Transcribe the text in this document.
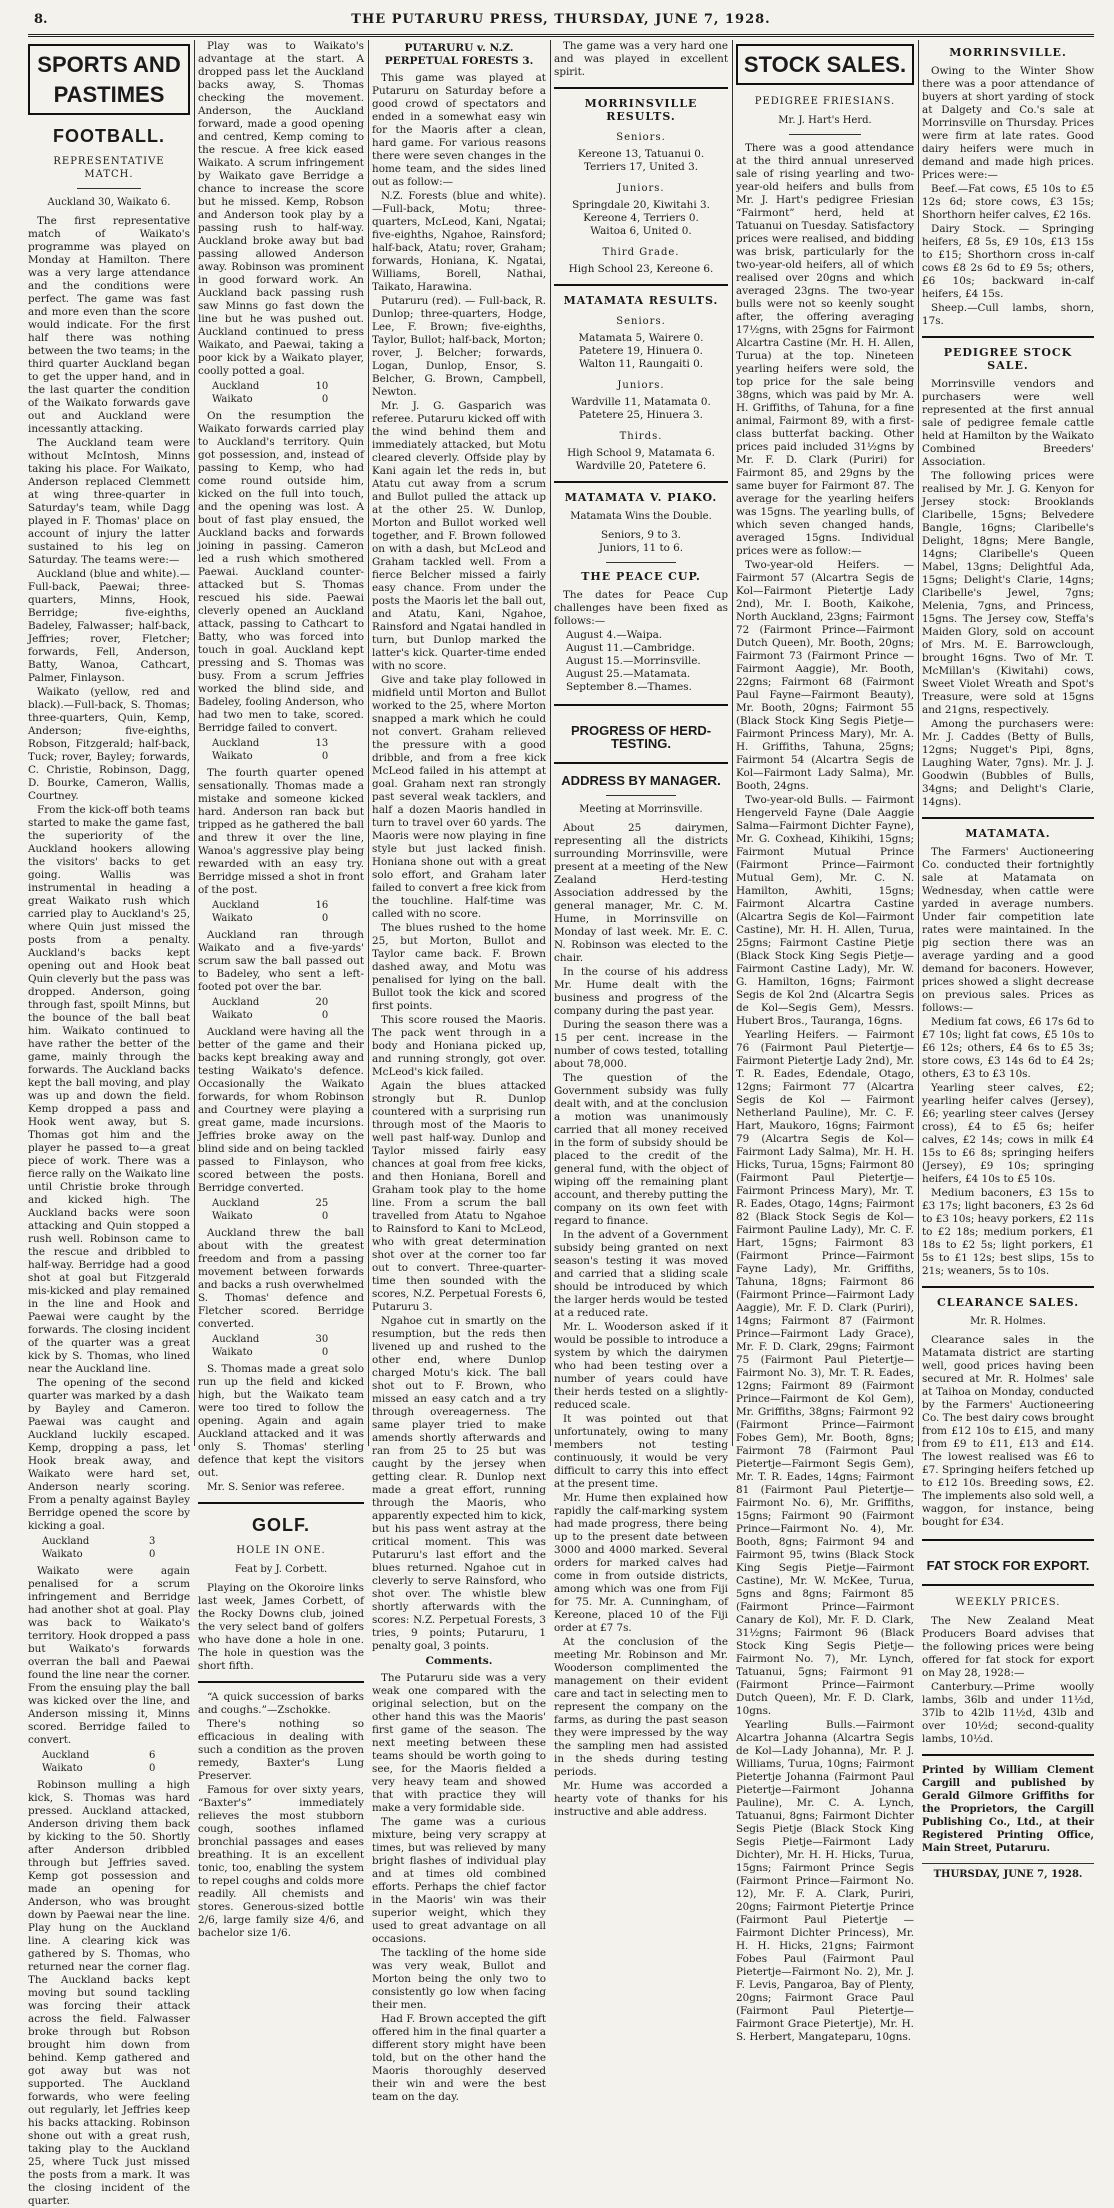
8.	THE PUTARURU PRESS, THURSDAY, JUNE 7, 1928.
SPORTS AND PASTIMES
FOOTBALL.
REPRESENTATIVE MATCH.
Auckland 30, Waikato 6.

The first representative match of Waikato's programme was played on Monday at Hamilton. There was a very large attendance and the conditions were perfect. The game was fast and more even than the score would indicate. For the first half there was nothing between the two teams; in the third quarter Auckland began to get the upper hand, and in the last quarter the condition of the Waikato forwards gave out and Auckland were incessantly attacking.

The Auckland team were without McIntosh, Minns taking his place. For Waikato, Anderson replaced Clemmett at wing three-quarter in Saturday's team, while Dagg played in F. Thomas' place on account of injury the latter sustained to his leg on Saturday. The teams were:—

Auckland (blue and white).—Full-back, Paewai; three-quarters, Minns, Hook, Berridge; five-eighths, Badeley, Falwasser; half-back, Jeffries; rover, Fletcher; forwards, Fell, Anderson, Batty, Wanoa, Cathcart, Palmer, Finlayson.

Waikato (yellow, red and black).—Full-back, S. Thomas; three-quarters, Quin, Kemp, Anderson; five-eighths, Robson, Fitzgerald; half-back, Tuck; rover, Bayley; forwards, C. Christie, Robinson, Dagg, D. Bourke, Cameron, Wallis, Courtney.

From the kick-off both teams started to make the game fast, the superiority of the Auckland hookers allowing the visitors' backs to get going. Wallis was instrumental in heading a great Waikato rush which carried play to Auckland's 25, where Quin just missed the posts from a penalty. Auckland's backs kept opening out and Hook beat Quin cleverly but the pass was dropped. Anderson, going through fast, spoilt Minns, but the bounce of the ball beat him. Waikato continued to have rather the better of the game, mainly through the forwards. The Auckland backs kept the ball moving, and play was up and down the field. Kemp dropped a pass and Hook went away, but S. Thomas got him and the player he passed to—a great piece of work. There was a fierce rally on the Waikato line until Christie broke through and kicked high. The Auckland backs were soon attacking and Quin stopped a rush well. Robinson came to the rescue and dribbled to half-way. Berridge had a good shot at goal but Fitzgerald mis-kicked and play remained in the line and Hook and Paewai were caught by the forwards. The closing incident of the quarter was a great kick by S. Thomas, who lined near the Auckland line.

The opening of the second quarter was marked by a dash by Bayley and Cameron. Paewai was caught and Auckland luckily escaped. Kemp, dropping a pass, let Hook break away, and Waikato were hard set, Anderson nearly scoring. From a penalty against Bayley Berridge opened the score by kicking a goal.

Auckland	3
Waikato	0

Waikato were again penalised for a scrum infringement and Berridge had another shot at goal. Play was back to Waikato's territory. Hook dropped a pass but Waikato's forwards overran the ball and Paewai found the line near the corner. From the ensuing play the ball was kicked over the line, and Anderson missing it, Minns scored. Berridge failed to convert.

Auckland	6
Waikato	0

Robinson mulling a high kick, S. Thomas was hard pressed. Auckland attacked, Anderson driving them back by kicking to the 50. Shortly after Anderson dribbled through but Jeffries saved. Kemp got possession and made an opening for Anderson, who was brought down by Paewai near the line. Play hung on the Auckland line. A clearing kick was gathered by S. Thomas, who returned near the corner flag. The Auckland backs kept moving but sound tackling was forcing their attack across the field. Falwasser broke through but Robson brought him down from behind. Kemp gathered and got away but was not supported. The Auckland forwards, who were feeling out regularly, let Jeffries keep his backs attacking. Robinson shone out with a great rush, taking play to the Auckland 25, where Tuck just missed the posts from a mark. It was the closing incident of the quarter.

Play was to Waikato's advantage at the start. A dropped pass let the Auckland backs away, S. Thomas checking the movement. Anderson, the Auckland forward, made a good opening and centred, Kemp coming to the rescue. A free kick eased Waikato. A scrum infringement by Waikato gave Berridge a chance to increase the score but he missed. Kemp, Robson and Anderson took play by a passing rush to half-way. Auckland broke away but bad passing allowed Anderson away. Robinson was prominent in good forward work. An Auckland back passing rush saw Minns go fast down the line but he was pushed out. Auckland continued to press Waikato, and Paewai, taking a poor kick by a Waikato player, coolly potted a goal.

Auckland	10
Waikato	0

On the resumption the Waikato forwards carried play to Auckland's territory. Quin got possession, and, instead of passing to Kemp, who had come round outside him, kicked on the full into touch, and the opening was lost. A bout of fast play ensued, the Auckland backs and forwards joining in passing. Cameron led a rush which smothered Paewai. Auckland counter-attacked but S. Thomas rescued his side. Paewai cleverly opened an Auckland attack, passing to Cathcart to Batty, who was forced into touch in goal. Auckland kept pressing and S. Thomas was busy. From a scrum Jeffries worked the blind side, and Badeley, fooling Anderson, who had two men to take, scored. Berridge failed to convert.

Auckland	13
Waikato	0

The fourth quarter opened sensationally. Thomas made a mistake and someone kicked hard. Anderson ran back but tripped as he gathered the ball and threw it over the line, Wanoa's aggressive play being rewarded with an easy try. Berridge missed a shot in front of the post.

Auckland	16
Waikato	0

Auckland ran through Waikato and a five-yards' scrum saw the ball passed out to Badeley, who sent a left-footed pot over the bar.

Auckland	20
Waikato	0

Auckland were having all the better of the game and their backs kept breaking away and testing Waikato's defence. Occasionally the Waikato forwards, for whom Robinson and Courtney were playing a great game, made incursions. Jeffries broke away on the blind side and on being tackled passed to Finlayson, who scored between the posts. Berridge converted.

Auckland	25
Waikato	0

Auckland threw the ball about with the greatest freedom and from a passing movement between forwards and backs a rush overwhelmed S. Thomas' defence and Fletcher scored. Berridge converted.

Auckland	30
Waikato	0

S. Thomas made a great solo run up the field and kicked high, but the Waikato team were too tired to follow the opening. Again and again Auckland attacked and it was only S. Thomas' sterling defence that kept the visitors out.

Mr. S. Senior was referee.

GOLF.
HOLE IN ONE.
Feat by J. Corbett.

Playing on the Okoroire links last week, James Corbett, of the Rocky Downs club, joined the very select band of golfers who have done a hole in one. The hole in question was the short fifth.

“A quick succession of barks and coughs.”—Zschokke.

There's nothing so efficacious in dealing with such a condition as the proven remedy, Baxter's Lung Preserver.

Famous for over sixty years, “Baxter's” immediately relieves the most stubborn cough, soothes inflamed bronchial passages and eases breathing. It is an excellent tonic, too, enabling the system to repel coughs and colds more readily. All chemists and stores. Generous-sized bottle 2/6, large family size 4/6, and bachelor size 1/6.

PUTARURU v. N.Z. PERPETUAL FORESTS 3.

This game was played at Putaruru on Saturday before a good crowd of spectators and ended in a somewhat easy win for the Maoris after a clean, hard game. For various reasons there were seven changes in the home team, and the sides lined out as follow:—

N.Z. Forests (blue and white).—Full-back, Motu; three-quarters, McLeod, Kani, Ngatai; five-eighths, Ngahoe, Rainsford; half-back, Atatu; rover, Graham; forwards, Honiana, K. Ngatai, Williams, Borell, Nathai, Taikato, Harawina.

Putaruru (red). — Full-back, R. Dunlop; three-quarters, Hodge, Lee, F. Brown; five-eighths, Taylor, Bullot; half-back, Morton; rover, J. Belcher; forwards, Logan, Dunlop, Ensor, S. Belcher, G. Brown, Campbell, Newton.

Mr. J. G. Gasparich was referee. Putaruru kicked off with the wind behind them and immediately attacked, but Motu cleared cleverly. Offside play by Kani again let the reds in, but Atatu cut away from a scrum and Bullot pulled the attack up at the other 25. W. Dunlop, Morton and Bullot worked well together, and F. Brown followed on with a dash, but McLeod and Graham tackled well. From a fierce Belcher missed a fairly easy chance. From under the posts the Maoris let the ball out, and Atatu, Kani, Ngahoe, Rainsford and Ngatai handled in turn, but Dunlop marked the latter's kick. Quarter-time ended with no score.

Give and take play followed in midfield until Morton and Bullot worked to the 25, where Morton snapped a mark which he could not convert. Graham relieved the pressure with a good dribble, and from a free kick McLeod failed in his attempt at goal. Graham next ran strongly past several weak tacklers, and half a dozen Maoris handled in turn to travel over 60 yards. The Maoris were now playing in fine style but just lacked finish. Honiana shone out with a great solo effort, and Graham later failed to convert a free kick from the touchline. Half-time was called with no score.

The blues rushed to the home 25, but Morton, Bullot and Taylor came back. F. Brown dashed away, and Motu was penalised for lying on the ball. Bullot took the kick and scored first points.

This score roused the Maoris. The pack went through in a body and Honiana picked up, and running strongly, got over. McLeod's kick failed.

Again the blues attacked strongly but R. Dunlop countered with a surprising run through most of the Maoris to well past half-way. Dunlop and Taylor missed fairly easy chances at goal from free kicks, and then Honiana, Borell and Graham took play to the home line. From a scrum the ball travelled from Atatu to Ngahoe to Rainsford to Kani to McLeod, who with great determination shot over at the corner too far out to convert. Three-quarter-time then sounded with the scores, N.Z. Perpetual Forests 6, Putaruru 3.

Ngahoe cut in smartly on the resumption, but the reds then livened up and rushed to the other end, where Dunlop charged Motu's kick. The ball shot out to F. Brown, who missed an easy catch and a try through overeagerness. The same player tried to make amends shortly afterwards and ran from 25 to 25 but was caught by the jersey when getting clear. R. Dunlop next made a great effort, running through the Maoris, who apparently expected him to kick, but his pass went astray at the critical moment. This was Putaruru's last effort and the blues returned. Ngahoe cut in cleverly to serve Rainsford, who shot over. The whistle blew shortly afterwards with the scores: N.Z. Perpetual Forests, 3 tries, 9 points; Putaruru, 1 penalty goal, 3 points.

Comments.

The Putaruru side was a very weak one compared with the original selection, but on the other hand this was the Maoris' first game of the season. The next meeting between these teams should be worth going to see, for the Maoris fielded a very heavy team and showed that with practice they will make a very formidable side.

The game was a curious mixture, being very scrappy at times, but was relieved by many bright flashes of individual play and at times old combined efforts. Perhaps the chief factor in the Maoris' win was their superior weight, which they used to great advantage on all occasions.

The tackling of the home side was very weak, Bullot and Morton being the only two to consistently go low when facing their men.

Had F. Brown accepted the gift offered him in the final quarter a different story might have been told, but on the other hand the Maoris thoroughly deserved their win and were the best team on the day.

The game was a very hard one and was played in excellent spirit.

MORRINSVILLE RESULTS.

Seniors.

Kereone 13, Tatuanui 0.

Terriers 17, United 3.

Juniors.

Springdale 20, Kiwitahi 3.

Kereone 4, Terriers 0.

Waitoa 6, United 0.

Third Grade.

High School 23, Kereone 6.

MATAMATA RESULTS.

Seniors.

Matamata 5, Wairere 0.

Patetere 19, Hinuera 0.

Walton 11, Raungaiti 0.

Juniors.

Wardville 11, Matamata 0.

Patetere 25, Hinuera 3.

Thirds.

High School 9, Matamata 6.

Wardville 20, Patetere 6.

MATAMATA V. PIAKO.
Matamata Wins the Double.

Seniors, 9 to 3.

Juniors, 11 to 6.

THE PEACE CUP.

The dates for Peace Cup challenges have been fixed as follows:—

August 4.—Waipa.

August 11.—Cambridge.

August 15.—Morrinsville.

August 25.—Matamata.

September 8.—Thames.

PROGRESS OF HERD-TESTING.
ADDRESS BY MANAGER.
Meeting at Morrinsville.

About 25 dairymen, representing all the districts surrounding Morrinsville, were present at a meeting of the New Zealand Herd-testing Association addressed by the general manager, Mr. C. M. Hume, in Morrinsville on Monday of last week. Mr. E. C. N. Robinson was elected to the chair.

In the course of his address Mr. Hume dealt with the business and progress of the company during the past year.

During the season there was a 15 per cent. increase in the number of cows tested, totalling about 78,000.

The question of the Government subsidy was fully dealt with, and at the conclusion a motion was unanimously carried that all money received in the form of subsidy should be placed to the credit of the general fund, with the object of wiping off the remaining plant account, and thereby putting the company on its own feet with regard to finance.

In the advent of a Government subsidy being granted on next season's testing it was moved and carried that a sliding scale should be introduced by which the larger herds would be tested at a reduced rate.

Mr. L. Wooderson asked if it would be possible to introduce a system by which the dairymen who had been testing over a number of years could have their herds tested on a slightly-reduced scale.

It was pointed out that unfortunately, owing to many members not testing continuously, it would be very difficult to carry this into effect at the present time.

Mr. Hume then explained how rapidly the calf-marking system had made progress, there being up to the present date between 3000 and 4000 marked. Several orders for marked calves had come in from outside districts, among which was one from Fiji for 75. Mr. A. Cunningham, of Kereone, placed 10 of the Fiji order at £7 7s.

At the conclusion of the meeting Mr. Robinson and Mr. Wooderson complimented the management on their evident care and tact in selecting men to represent the company on the farms, as during the past season they were impressed by the way the sampling men had assisted in the sheds during testing periods.

Mr. Hume was accorded a hearty vote of thanks for his instructive and able address.

STOCK SALES.
PEDIGREE FRIESIANS.
Mr. J. Hart's Herd.

There was a good attendance at the third annual unreserved sale of rising yearling and two-year-old heifers and bulls from Mr. J. Hart's pedigree Friesian “Fairmont” herd, held at Tatuanui on Tuesday. Satisfactory prices were realised, and bidding was brisk, particularly for the two-year-old heifers, all of which realised over 20gns and which averaged 23gns. The two-year bulls were not so keenly sought after, the offering averaging 17½gns, with 25gns for Fairmont Alcartra Castine (Mr. H. H. Allen, Turua) at the top. Nineteen yearling heifers were sold, the top price for the sale being 38gns, which was paid by Mr. A. H. Griffiths, of Tahuna, for a fine animal, Fairmont 89, with a first-class butterfat backing. Other prices paid included 31½gns by Mr. F. D. Clark (Puriri) for Fairmont 85, and 29gns by the same buyer for Fairmont 87. The average for the yearling heifers was 15gns. The yearling bulls, of which seven changed hands, averaged 15gns. Individual prices were as follow:—

Two-year-old Heifers. — Fairmont 57 (Alcartra Segis de Kol—Fairmont Pietertje Lady 2nd), Mr. I. Booth, Kaikohe, North Auckland, 23gns; Fairmont 72 (Fairmont Prince—Fairmont Dutch Queen), Mr. Booth, 20gns; Fairmont 73 (Fairmont Prince — Fairmont Aaggie), Mr. Booth, 22gns; Fairmont 68 (Fairmont Paul Fayne—Fairmont Beauty), Mr. Booth, 20gns; Fairmont 55 (Black Stock King Segis Pietje—Fairmont Princess Mary), Mr. A. H. Griffiths, Tahuna, 25gns; Fairmont 54 (Alcartra Segis de Kol—Fairmont Lady Salma), Mr. Booth, 24gns.

Two-year-old Bulls. — Fairmont Hengerveld Fayne (Dale Aaggie Salma—Fairmont Dichter Fayne), Mr. G. Coxhead, Kihikihi, 15gns; Fairmont Mutual Prince (Fairmont Prince—Fairmont Mutual Gem), Mr. C. N. Hamilton, Awhiti, 15gns; Fairmont Alcartra Castine (Alcartra Segis de Kol—Fairmont Castine), Mr. H. H. Allen, Turua, 25gns; Fairmont Castine Pietje (Black Stock King Segis Pietje—Fairmont Castine Lady), Mr. W. G. Hamilton, 16gns; Fairmont Segis de Kol 2nd (Alcartra Segis de Kol—Segis Gem), Messrs. Hubert Bros., Tauranga, 16gns.

Yearling Heifers. — Fairmont 76 (Fairmont Paul Pietertje—Fairmont Pietertje Lady 2nd), Mr. T. R. Eades, Edendale, Otago, 12gns; Fairmont 77 (Alcartra Segis de Kol — Fairmont Netherland Pauline), Mr. C. F. Hart, Maukoro, 16gns; Fairmont 79 (Alcartra Segis de Kol—Fairmont Lady Salma), Mr. H. H. Hicks, Turua, 15gns; Fairmont 80 (Fairmont Paul Pietertje—Fairmont Princess Mary), Mr. T. R. Eades, Otago, 14gns; Fairmont 82 (Black Stock Segis de Kol—Fairmont Pauline Lady), Mr. C. F. Hart, 15gns; Fairmont 83 (Fairmont Prince—Fairmont Fayne Lady), Mr. Griffiths, Tahuna, 18gns; Fairmont 86 (Fairmont Prince—Fairmont Lady Aaggie), Mr. F. D. Clark (Puriri), 14gns; Fairmont 87 (Fairmont Prince—Fairmont Lady Grace), Mr. F. D. Clark, 29gns; Fairmont 75 (Fairmont Paul Pietertje—Fairmont No. 3), Mr. T. R. Eades, 12gns; Fairmont 89 (Fairmont Prince—Fairmont de Kol Gem), Mr. Griffiths, 38gns; Fairmont 92 (Fairmont Prince—Fairmont Fobes Gem), Mr. Booth, 8gns; Fairmont 78 (Fairmont Paul Pietertje—Fairmont Segis Gem), Mr. T. R. Eades, 14gns; Fairmont 81 (Fairmont Paul Pietertje—Fairmont No. 6), Mr. Griffiths, 15gns; Fairmont 90 (Fairmont Prince—Fairmont No. 4), Mr. Booth, 8gns; Fairmont 94 and Fairmont 95, twins (Black Stock King Segis Pietje—Fairmont Castine), Mr. W. McKee, Turua, 5gns and 8gns; Fairmont 85 (Fairmont Prince—Fairmont Canary de Kol), Mr. F. D. Clark, 31½gns; Fairmont 96 (Black Stock King Segis Pietje—Fairmont No. 7), Mr. Lynch, Tatuanui, 5gns; Fairmont 91 (Fairmont Prince—Fairmont Dutch Queen), Mr. F. D. Clark, 10gns.

Yearling Bulls.—Fairmont Alcartra Johanna (Alcartra Segis de Kol—Lady Johanna), Mr. P. J. Williams, Turua, 10gns; Fairmont Pietertje Johanna (Fairmont Paul Pietertje—Fairmont Johanna Pauline), Mr. C. A. Lynch, Tatuanui, 8gns; Fairmont Dichter Segis Pietje (Black Stock King Segis Pietje—Fairmont Lady Dichter), Mr. H. H. Hicks, Turua, 15gns; Fairmont Prince Segis (Fairmont Prince—Fairmont No. 12), Mr. F. A. Clark, Puriri, 20gns; Fairmont Pietertje Prince (Fairmont Paul Pietertje — Fairmont Dichter Princess), Mr. H. H. Hicks, 21gns; Fairmont Fobes Paul (Fairmont Paul Pietertje—Fairmont No. 2), Mr. J. F. Levis, Pangaroa, Bay of Plenty, 20gns; Fairmont Grace Paul (Fairmont Paul Pietertje—Fairmont Grace Pietertje), Mr. H. S. Herbert, Mangateparu, 10gns.

MORRINSVILLE.

Owing to the Winter Show there was a poor attendance of buyers at short yarding of stock at Dalgety and Co.'s sale at Morrinsville on Thursday. Prices were firm at late rates. Good dairy heifers were much in demand and made high prices. Prices were:—

Beef.—Fat cows, £5 10s to £5 12s 6d; store cows, £3 15s; Shorthorn heifer calves, £2 16s.

Dairy Stock. — Springing heifers, £8 5s, £9 10s, £13 15s to £15; Shorthorn cross in-calf cows £8 2s 6d to £9 5s; others, £6 10s; backward in-calf heifers, £4 15s.

Sheep.—Cull lambs, shorn, 17s.

PEDIGREE STOCK SALE.

Morrinsville vendors and purchasers were well represented at the first annual sale of pedigree female cattle held at Hamilton by the Waikato Combined Breeders' Association.

The following prices were realised by Mr. J. G. Kenyon for Jersey stock: Brooklands Claribelle, 15gns; Belvedere Bangle, 16gns; Claribelle's Delight, 18gns; Mere Bangle, 14gns; Claribelle's Queen Mabel, 13gns; Delightful Ada, 15gns; Delight's Clarie, 14gns; Claribelle's Jewel, 7gns; Melenia, 7gns, and Princess, 15gns. The Jersey cow, Steffa's Maiden Glory, sold on account of Mrs. M. E. Barrowclough, brought 16gns. Two of Mr. T. McMillan's (Kiwitahi) cows, Sweet Violet Wreath and Spot's Treasure, were sold at 15gns and 21gns, respectively.

Among the purchasers were: Mr. J. Caddes (Betty of Bulls, 12gns; Nugget's Pipi, 8gns, Laughing Water, 7gns). Mr. J. J. Goodwin (Bubbles of Bulls, 34gns; and Delight's Clarie, 14gns).

MATAMATA.

The Farmers' Auctioneering Co. conducted their fortnightly sale at Matamata on Wednesday, when cattle were yarded in average numbers. Under fair competition late rates were maintained. In the pig section there was an average yarding and a good demand for baconers. However, prices showed a slight decrease on previous sales. Prices as follows:—

Medium fat cows, £6 17s 6d to £7 10s; light fat cows, £5 10s to £6 12s; others, £4 6s to £5 3s; store cows, £3 14s 6d to £4 2s; others, £3 to £3 10s.

Yearling steer calves, £2; yearling heifer calves (Jersey), £6; yearling steer calves (Jersey cross), £4 to £5 6s; heifer calves, £2 14s; cows in milk £4 15s to £6 8s; springing heifers (Jersey), £9 10s; springing heifers, £4 10s to £5 10s.

Medium baconers, £3 15s to £3 17s; light baconers, £3 2s 6d to £3 10s; heavy porkers, £2 11s to £2 18s; medium porkers, £1 18s to £2 5s; light porkers, £1 5s to £1 12s; best slips, 15s to 21s; weaners, 5s to 10s.

CLEARANCE SALES.
Mr. R. Holmes.

Clearance sales in the Matamata district are starting well, good prices having been secured at Mr. R. Holmes' sale at Taihoa on Monday, conducted by the Farmers' Auctioneering Co. The best dairy cows brought from £12 10s to £15, and many from £9 to £11, £13 and £14. The lowest realised was £6 to £7. Springing heifers fetched up to £12 10s. Breeding sows, £2. The implements also sold well, a waggon, for instance, being bought for £34.

FAT STOCK FOR EXPORT.
WEEKLY PRICES.

The New Zealand Meat Producers Board advises that the following prices were being offered for fat stock for export on May 28, 1928:—

Canterbury.—Prime woolly lambs, 36lb and under 11½d, 37lb to 42lb 11½d, 43lb and over 10½d; second-quality lambs, 10½d.

Printed by William Clement Cargill and published by Gerald Gilmore Griffiths for the Proprietors, the Cargill Publishing Co., Ltd., at their Registered Printing Office, Main Street, Putaruru.

THURSDAY, JUNE 7, 1928.
